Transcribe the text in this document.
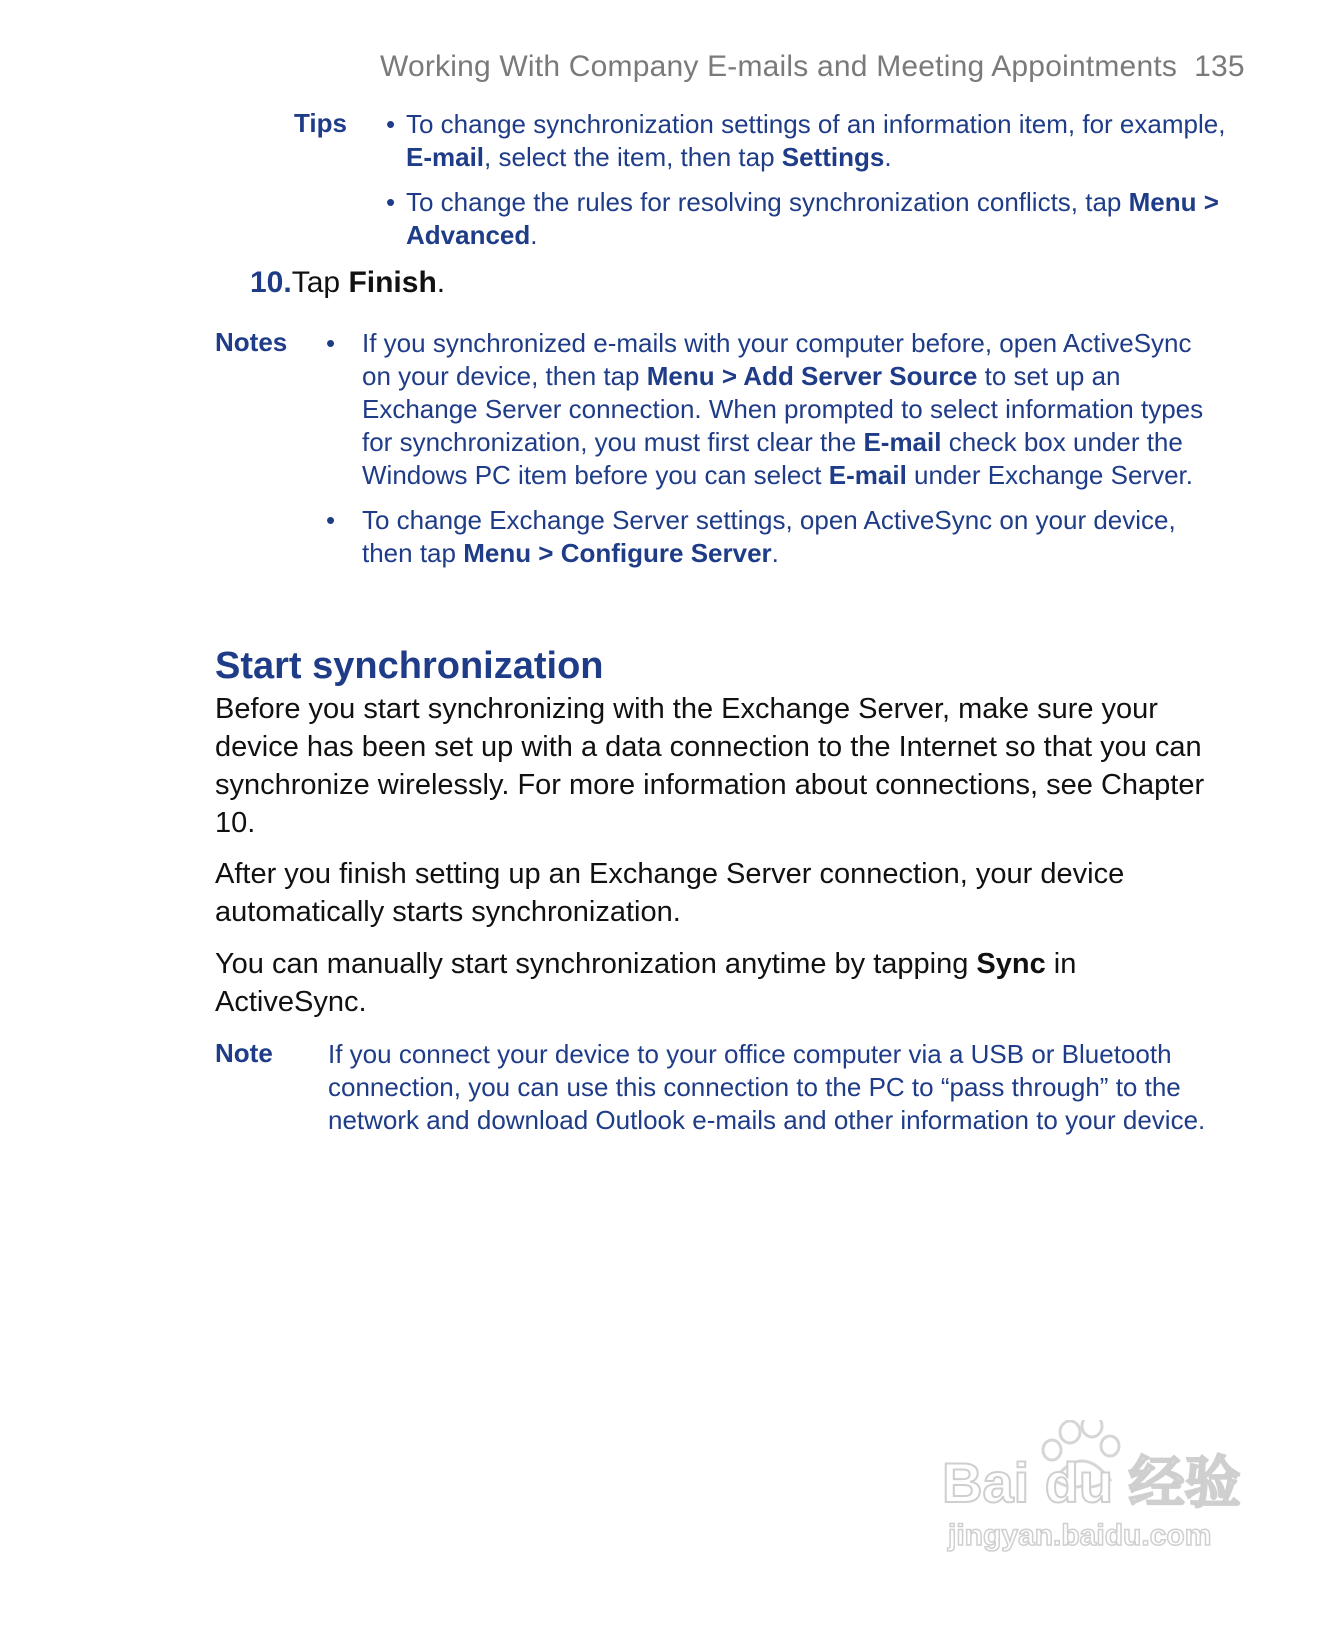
Working With Company E-mails and Meeting Appointments 135
Tips	• To change synchronization settings of an information item, for example, E-mail, select the item, then tap Settings.
• To change the rules for resolving synchronization conflicts, tap Menu > Advanced.
10.Tap Finish.
Notes	• If you synchronized e-mails with your computer before, open ActiveSync on your device, then tap Menu > Add Server Source to set up an Exchange Server connection. When prompted to select information types for synchronization, you must first clear the E-mail check box under the Windows PC item before you can select E-mail under Exchange Server.
• To change Exchange Server settings, open ActiveSync on your device, then tap Menu > Configure Server.
Start synchronization

Before you start synchronizing with the Exchange Server, make sure your device has been set up with a data connection to the Internet so that you can synchronize wirelessly. For more information about connections, see Chapter 10.

After you finish setting up an Exchange Server connection, your device automatically starts synchronization.

You can manually start synchronization anytime by tapping Sync in ActiveSync.

Note If you connect your device to your office computer via a USB or Bluetooth connection, you can use this connection to the PC to “pass through” to the network and download Outlook e-mails and other information to your device.

Bai du 经验
jingyan.baidu.com
